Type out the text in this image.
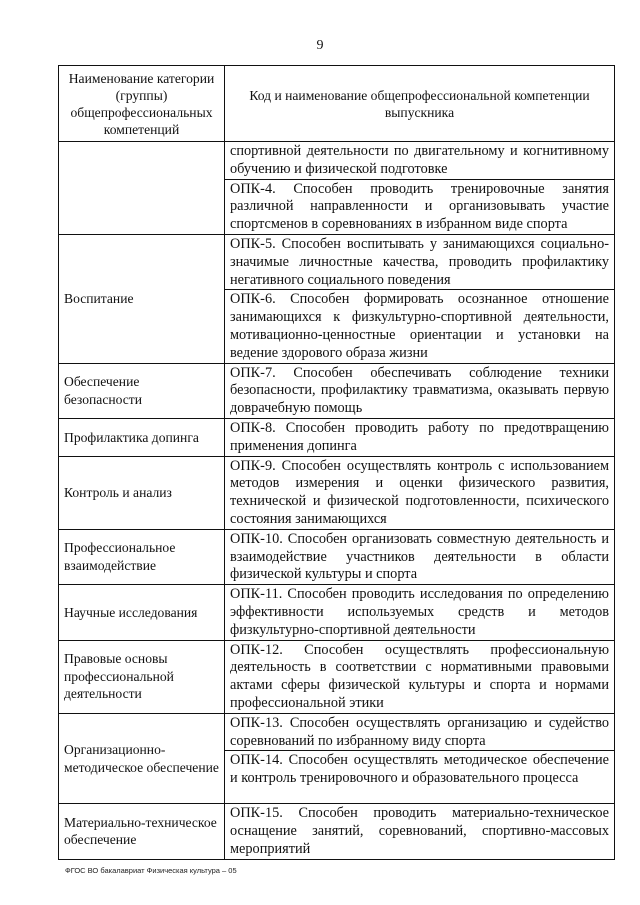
9
Наименование категории (группы) общепрофессиональных компетенций	Код и наименование общепрофессиональной компетенции выпускника
	спортивной деятельности по двигательному и когнитивному обучению и физической подготовке
	ОПК-4. Способен проводить тренировочные занятия различной направленности и организовывать участие спортсменов в соревнованиях в избранном виде спорта
Воспитание	ОПК-5. Способен воспитывать у занимающихся социально-значимые личностные качества, проводить профилактику негативного социального поведения
	ОПК-6. Способен формировать осознанное отношение занимающихся к физкультурно-спортивной деятельности, мотивационно-ценностные ориентации и установки на ведение здорового образа жизни
Обеспечение безопасности	ОПК-7. Способен обеспечивать соблюдение техники безопасности, профилактику травматизма, оказывать первую доврачебную помощь
Профилактика допинга	ОПК-8. Способен проводить работу по предотвращению применения допинга
Контроль и анализ	ОПК-9. Способен осуществлять контроль с использованием методов измерения и оценки физического развития, технической и физической подготовленности, психического состояния занимающихся
Профессиональное взаимодействие	ОПК-10. Способен организовать совместную деятельность и взаимодействие участников деятельности в области физической культуры и спорта
Научные исследования	ОПК-11. Способен проводить исследования по определению эффективности используемых средств и методов физкультурно-спортивной деятельности
Правовые основы профессиональной деятельности	ОПК-12. Способен осуществлять профессиональную деятельность в соответствии с нормативными правовыми актами сферы физической культуры и спорта и нормами профессиональной этики
Организационно-методическое обеспечение	ОПК-13. Способен осуществлять организацию и судейство соревнований по избранному виду спорта
	ОПК-14. Способен осуществлять методическое обеспечение и контроль тренировочного и образовательного процесса
Материально-техническое обеспечение	ОПК-15. Способен проводить материально-техническое оснащение занятий, соревнований, спортивно-массовых мероприятий
ФГОС ВО бакалавриат Физическая культура – 05
